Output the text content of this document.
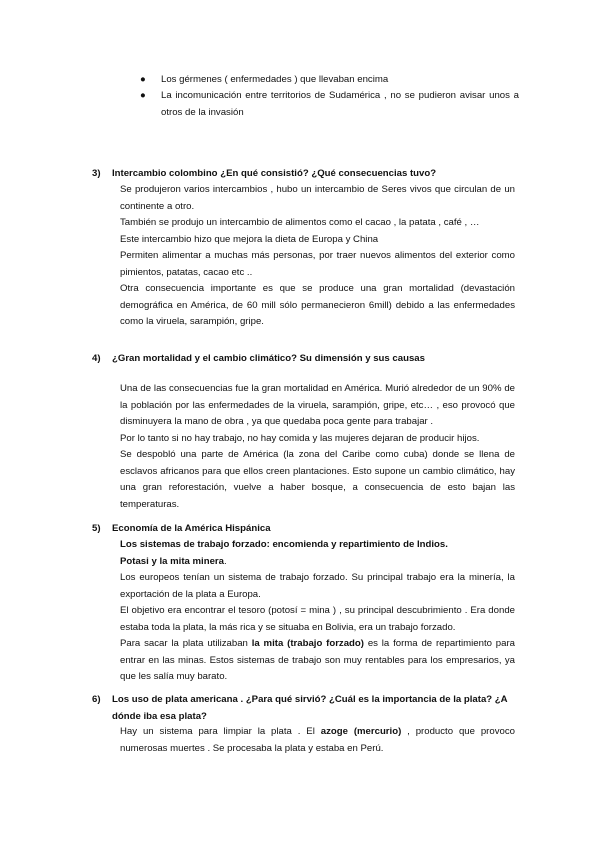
● Los gérmenes ( enfermedades ) que llevaban encima
● La incomunicación entre territorios de Sudamérica , no se pudieron avisar unos a otros de la invasión
3) Intercambio colombino ¿En qué consistió? ¿Qué consecuencias tuvo?

Se produjeron varios intercambios , hubo un intercambio de Seres vivos que circulan de un continente a otro.

También se produjo un intercambio de alimentos como el cacao , la patata , café , …

Este intercambio hizo que mejora la dieta de Europa y China

Permiten alimentar a muchas más personas, por traer nuevos alimentos del exterior como pimientos, patatas, cacao etc ..

Otra consecuencia importante es que se produce una gran mortalidad (devastación demográfica en América, de 60 mill sólo permanecieron 6mill) debido a las enfermedades como la viruela, sarampión, gripe.

4) ¿Gran mortalidad y el cambio climático? Su dimensión y sus causas

Una de las consecuencias fue la gran mortalidad en América. Murió alrededor de un 90% de la población por las enfermedades de la viruela, sarampión, gripe, etc… , eso provocó que disminuyera la mano de obra , ya que quedaba poca gente para trabajar .

Por lo tanto si no hay trabajo, no hay comida y las mujeres dejaran de producir hijos.

Se despobló una parte de América (la zona del Caribe como cuba) donde se llena de esclavos africanos para que ellos creen plantaciones. Esto supone un cambio climático, hay una gran reforestación, vuelve a haber bosque, a consecuencia de esto bajan las temperaturas.

5) Economía de la América Hispánica

Los sistemas de trabajo forzado: encomienda y repartimiento de Indios.

Potasi y la mita minera.

Los europeos tenían un sistema de trabajo forzado. Su principal trabajo era la minería, la exportación de la plata a Europa.

El objetivo era encontrar el tesoro (potosí = mina ) , su principal descubrimiento . Era donde estaba toda la plata, la más rica y se situaba en Bolivia, era un trabajo forzado.

Para sacar la plata utilizaban la mita (trabajo forzado) es la forma de repartimiento para entrar en las minas. Estos sistemas de trabajo son muy rentables para los empresarios, ya que les salía muy barato.

6) Los uso de plata americana . ¿Para qué sirvió? ¿Cuál es la importancia de la plata? ¿A dónde iba esa plata?

Hay un sistema para limpiar la plata . El azoge (mercurio) , producto que provoco numerosas muertes . Se procesaba la plata y estaba en Perú.
